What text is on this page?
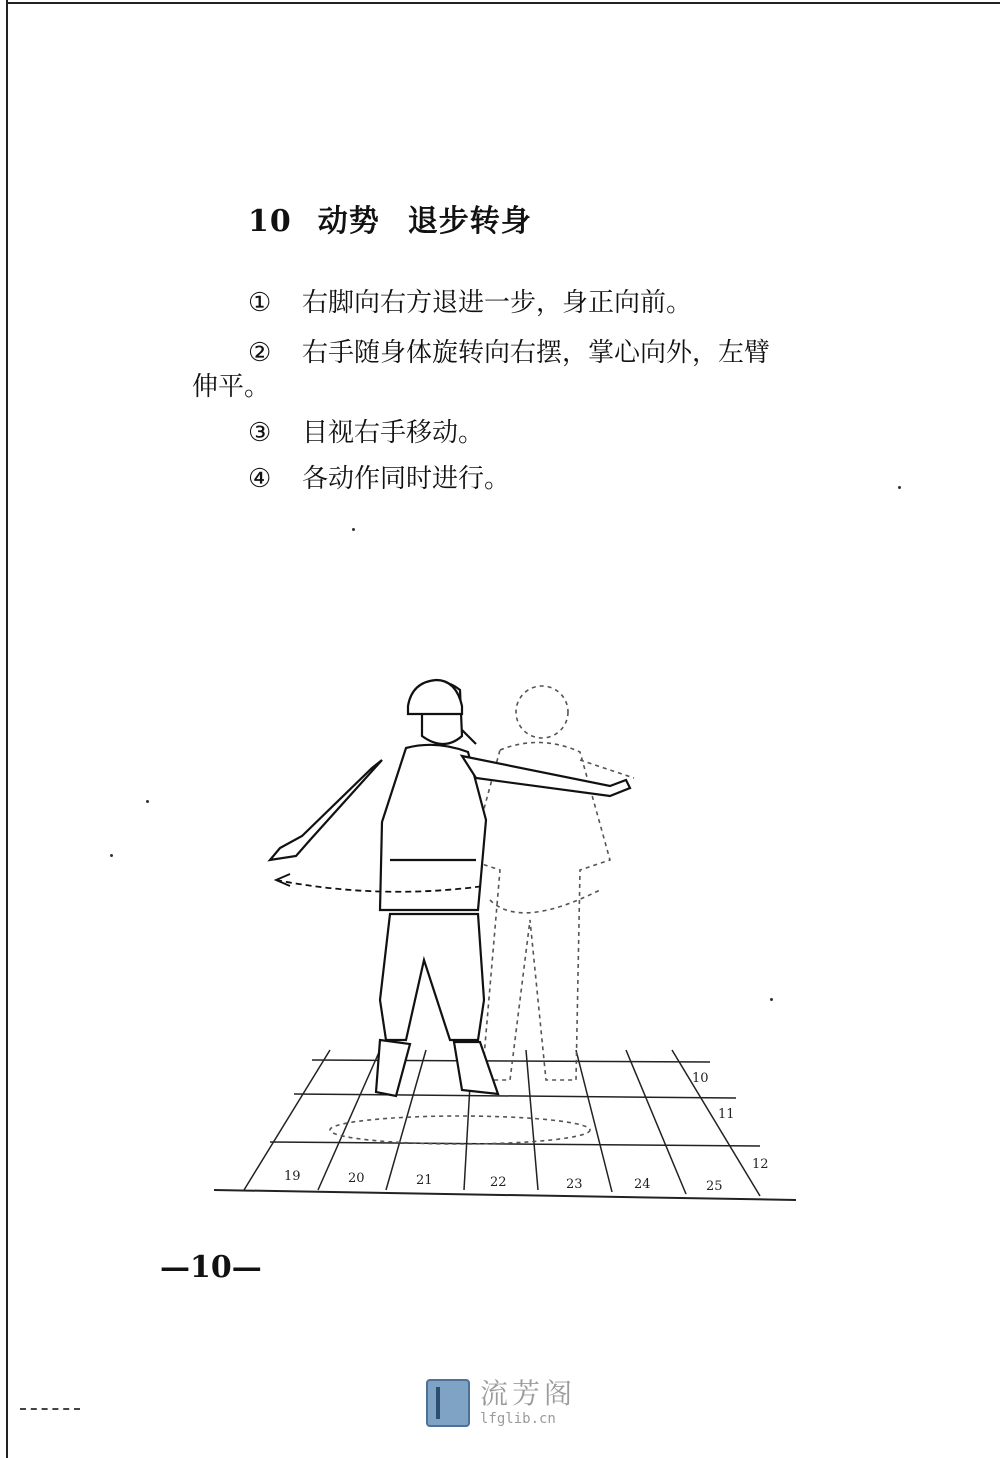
10 动势 退步转身
① 右脚向右方退进一步，身正向前。
② 右手随身体旋转向右摆，掌心向外，左臂
伸平。
③ 目视右手移动。
④ 各动作同时进行。
19	20	21	22	23	24	25
10
11
12
—10—
流芳阁
lfglib.cn
